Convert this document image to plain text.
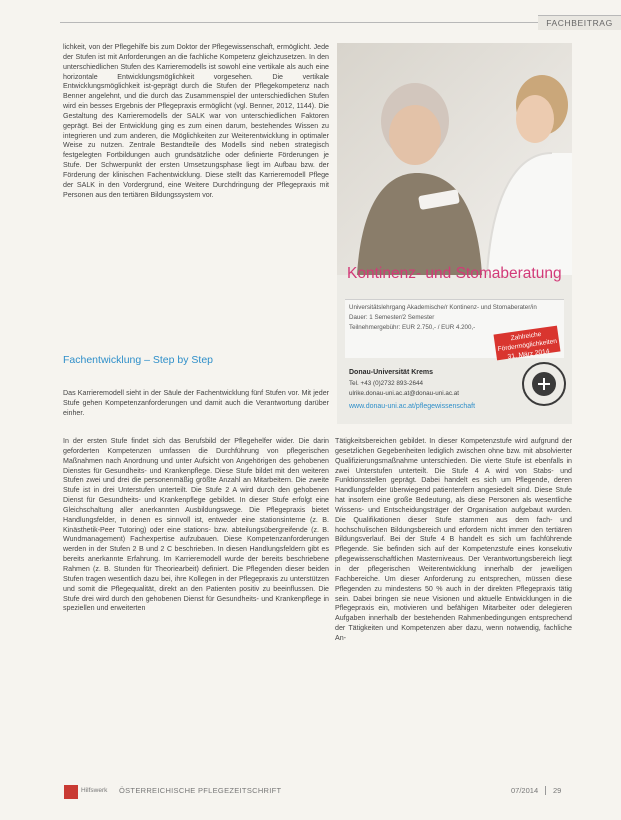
FACHBEITRAG

lichkeit, von der Pflegehilfe bis zum Doktor der Pflegewissenschaft, ermöglicht. Jede der Stufen ist mit Anforderungen an die fachliche Kompetenz gleichzusetzen. In den unterschiedlichen Stufen des Karrieremodells ist sowohl eine vertikale als auch eine horizontale Entwicklungsmöglichkeit vorgesehen. Die vertikale Entwicklungsmöglichkeit ist-geprägt durch die Stufen der Pflegekompetenz nach Benner angelehnt, und die durch das Zusammenspiel der unterschiedlichen Stufen wird ein besses Ergebnis der Pflegepraxis ermöglicht (vgl. Benner, 2012, 1144). Die Gestaltung des Karrieremodells der SALK war von unterschiedlichen Faktoren geprägt. Bei der Entwicklung ging es zum einen darum, bestehendes Wissen zu integrieren und zum anderen, die Möglichkeiten zur Weiterentwicklung in optimaler Weise zu nutzen. Zentrale Bestandteile des Modells sind neben strategisch festgelegten Fortbildungen auch grundsätzliche oder definierte Förderungen je Stufe. Der Schwerpunkt der ersten Umsetzungsphase liegt im Aufbau bzw. der Förderung der klinischen Fachentwicklung. Diese stellt das Karrieremodell Pflege der SALK in den Vordergrund, eine Weitere Durchdringung der Pflegepraxis mit Personen aus den tertiären Bildungssystem vor.

Fachentwicklung – Step by Step

Das Karrieremodell sieht in der Säule der Fachentwicklung fünf Stufen vor. Mit jeder Stufe gehen Kompetenzanforderungen und damit auch die Verantwortung darüber einher.

In der ersten Stufe findet sich das Berufsbild der Pflegehelfer wider. Die darin geforderten Kompetenzen umfassen die Durchführung von pflegerischen Maßnahmen nach Anordnung und unter Aufsicht von Angehörigen des gehobenen Dienstes für Gesundheits- und Krankenpflege. Diese Stufe bildet mit den weiteren Stufen zwei und drei die personenmäßig größte Anzahl an Mitarbeitern. Die zweite Stufe ist in drei Unterstufen unterteilt. Die Stufe 2 A wird durch den gehobenen Dienst für Gesundheits- und Krankenpflege gebildet. In dieser Stufe erfolgt eine Gleichschaltung aller anerkannten Ausbildungswege. Die Pflegepraxis bietet Handlungsfelder, in denen es sinnvoll ist, entweder eine stationsinterne (z. B. Kinästhetik-Peer Tutoring) oder eine stations- bzw. abteilungsübergreifende (z. B. Wundmanagement) Fachexpertise aufzubauen. Diese Kompetenzanforderungen werden in der Stufen 2 B und 2 C beschrieben. In diesen Handlungsfeldern gibt es bereits anerkannte Erfahrung. Im Karrieremodell wurde der bereits beschriebene Rahmen (z. B. Stunden für Theoriearbeit) definiert. Die Pflegenden dieser beiden Stufen tragen wesentlich dazu bei, ihre Kollegen in der Pflegepraxis zu unterstützen und somit die Pflegequalität, direkt an den Patienten positiv zu beeinflussen. Die Stufe drei wird durch den gehobenen Dienst für Gesundheits- und Krankenpflege in speziellen und erweiterten

Tätigkeitsbereichen gebildet. In dieser Kompetenzstufe wird aufgrund der gesetzlichen Gegebenheiten lediglich zwischen ohne bzw. mit absolvierter Qualifizierungsmaßnahme unterschieden. Die vierte Stufe ist ebenfalls in zwei Unterstufen unterteilt. Die Stufe 4 A wird von Stabs- und Funktionsstellen geprägt. Dabei handelt es sich um Pflegende, deren Handlungsfelder überwiegend patientenfern angesiedelt sind. Diese Stufe hat insofern eine große Bedeutung, als diese Personen als wesentliche Wissens- und Entscheidungsträger der Organisation aufgebaut wurden. Die Qualifikationen dieser Stufe stammen aus dem fach- und hochschulischen Bildungsbereich und erfordern nicht immer den tertiären Bildungsverlauf. Bei der Stufe 4 B handelt es sich um fachführende Pflegende. Sie befinden sich auf der Kompetenzstufe eines konsekutiv pflegewissenschaftlichen Masterniveaus. Der Verantwortungsbereich liegt in der pflegerischen Weiterentwicklung innerhalb der jeweiligen Fachbereiche. Um dieser Anforderung zu entsprechen, müssen diese Pflegenden zu mindestens 50 % auch in der direkten Pflegepraxis tätig sein. Dabei bringen sie neue Visionen und aktuelle Entwicklungen in die Pflegepraxis ein, motivieren und befähigen Mitarbeiter oder delegieren Aufgaben innerhalb der bestehenden Rahmenbedingungen entsprechend der Tätigkeiten und Kompetenzen aber dazu, wenn notwendig, fachliche An-

Kontinenz- und Stomaberatung
Universitätslehrgang Akademische/r Kontinenz- und Stomaberater/in
Dauer: 1 Semester/2 Semester
Teilnehmergebühr: EUR 2.750,- / EUR 4.200,-
Zahlreiche Fördermöglichkeiten 31. März 2014
Donau-Universität Krems
Tel. +43 (0)2732 893-2644
ulrike.donau-uni.ac.at@donau-uni.ac.at
www.donau-uni.ac.at/pflegewissenschaft
Hilfswerk ÖSTERREICHISCHE PFLEGEZEITSCHRIFT	07/2014 29
